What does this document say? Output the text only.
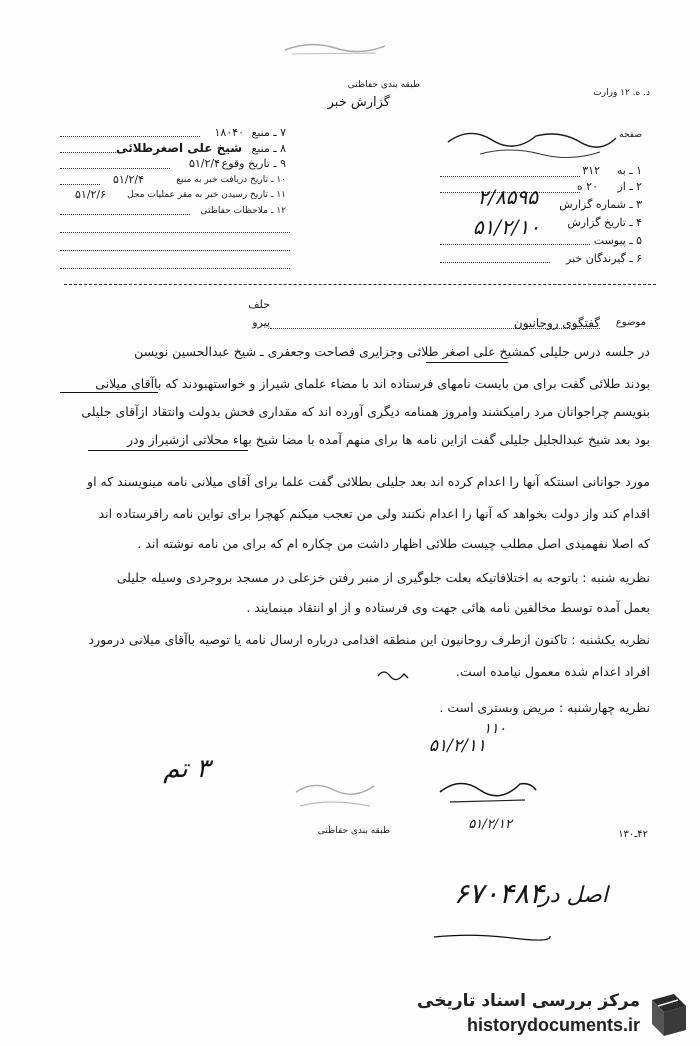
طبقه بندی حفاظتی
گزارش خبر
د. ه. ۱۲ وزارت
۱۸۰۴۰ ۷ ـ منبع
شیخ علی اصغرطلائی ۸ ـ منبع
۵۱/۲/۴ ۹ ـ تاریخ وقوع
۵۱/۲/۴	۱۰ ـ تاریخ دریافت خبر به منبع
۵۱/۲/۶	۱۱ ـ تاریخ رسیدن خبر به مقر عملیات محل
۱۲ ـ ملاحظات حفاظتی
صفحه
۳۱۲	۱ ـ به
۲۰ ه	۲ ـ از
۲/۸۵۹۵ ۳ ـ شماره گزارش
۵۱/۲/۱۰	۴ ـ تاریخ گزارش
۵ ـ پیوست
۶ ـ گیرندگان خبر
حلف
پیرو	گفتگوی روحانیون	موضوع
در جلسه درس جلیلی کمشیخ علی اصغر طلائی وجزایری فصاحت وجعفری ـ شیخ عبدالحسین نویسن
بودند طلائی گفت برای من بایست نامهای فرستاده اند با مضاء علمای شیراز و خواستهبودند که باآقای میلانی
بنویسم چراجوانان مرد رامیکشند وامروز همنامه دیگری آورده اند که مقداری فحش بدولت وانتقاد ازآقای جلیلی
بود بعد شیخ عبدالجلیل جلیلی گفت ازاین نامه ها برای منهم آمده با مضا شیخ بهاء محلاتی ازشیراز ودر
مورد جوانانی اسنتکه آنها را اعدام کرده اند بعد جلیلی بطلائی گفت علما برای آقای میلانی نامه مینویسند که او
اقدام کند واز دولت بخواهد که آنها را اعدام نکنند ولی من تعجب میکنم کهچرا برای تواین نامه رافرستاده اند
که اصلا نفهمیدی اصل مطلب چیست طلائی اظهار داشت من چکاره ام که برای من نامه نوشته اند .
نظریه شنبه : باتوجه به اختلافاتیکه بعلت جلوگیری از منبر رفتن خزعلی در مسجد بروجردی وسیله جلیلی
بعمل آمده توسط مخالفین نامه هائی جهت وی فرستاده و از او انتقاد مینمایند .
نظریه یکشنبه : تاکنون ازطرف روحانیون این منطقه اقدامی درباره ارسال نامه یا توصیه باآقای میلانی درمورد
افراد اعدام شده معمول نیامده است.
نظریه چهارشنبه : مریض وبستری است .
۱۱۰
۵۱/۲/۱۱
۵۱/۲/۱۲
۳ تم
طبقه بندی حفاظتی	۴۲ـ۱۳۰
۶۷۰۴۸۴
اصل در
مرکز بررسی اسناد تاریخی
historydocuments.ir
